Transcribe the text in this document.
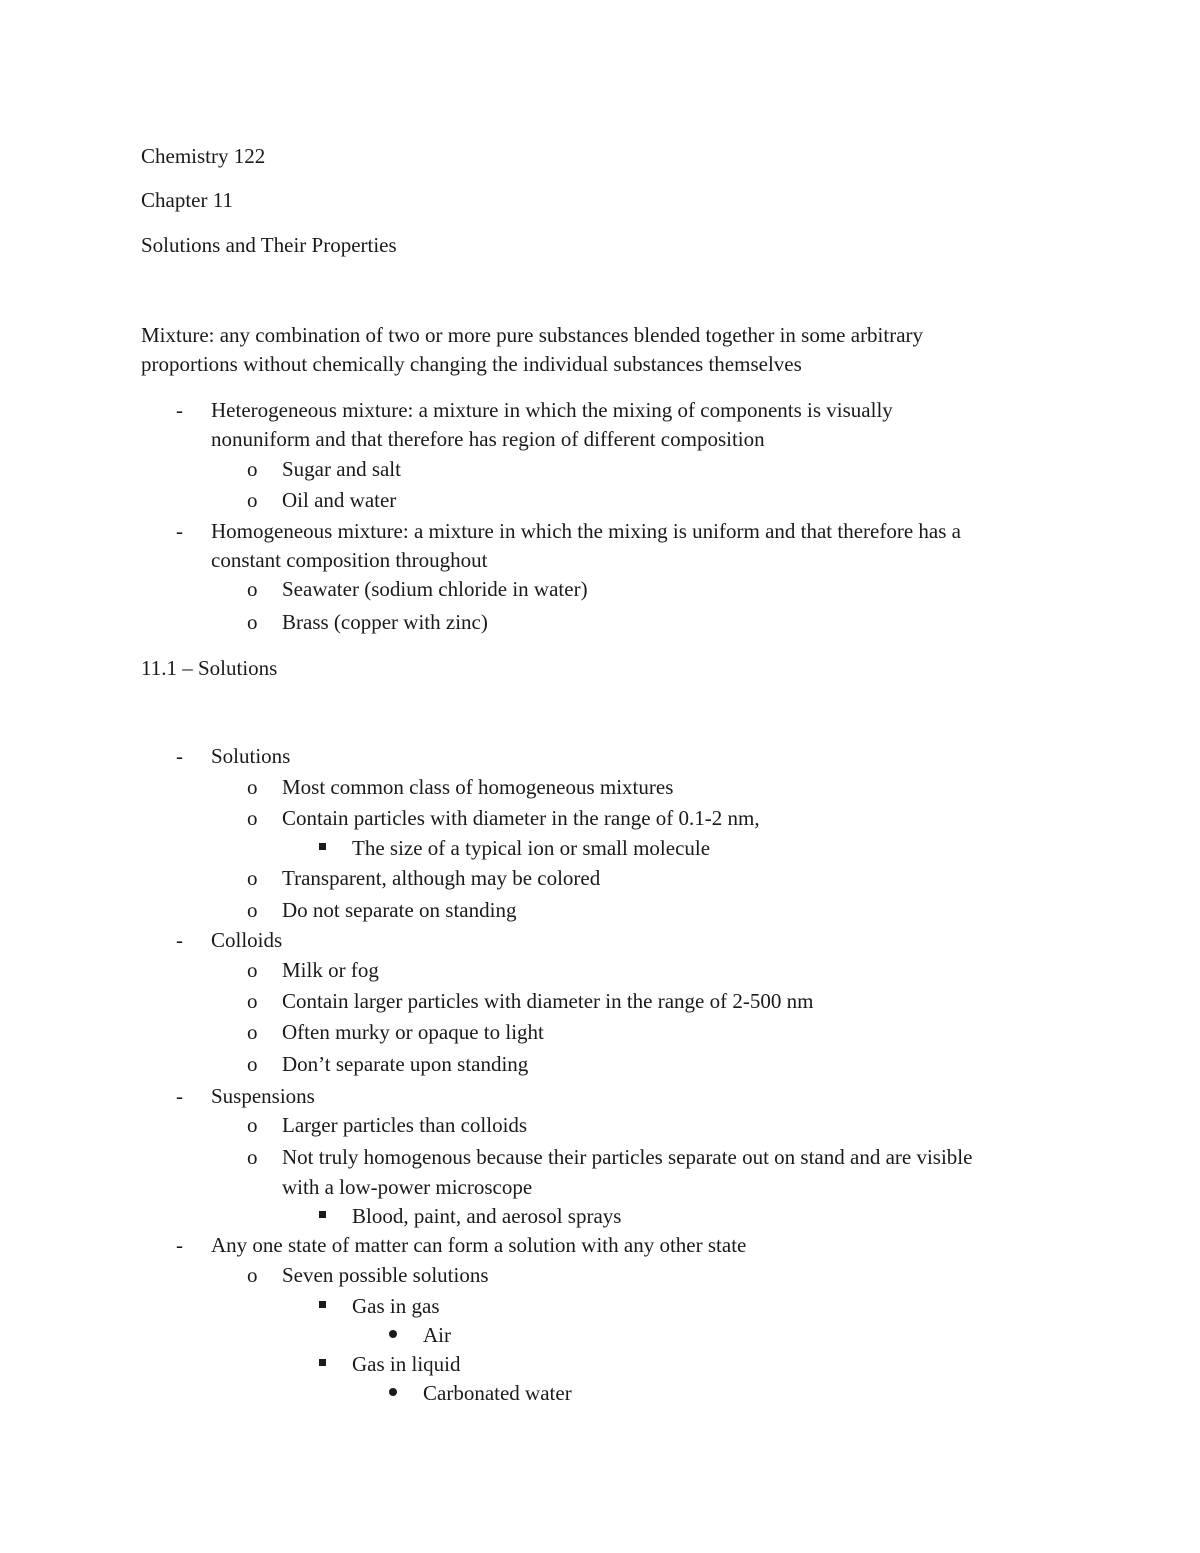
Chemistry 122
Chapter 11
Solutions and Their Properties
Mixture: any combination of two or more pure substances blended together in some arbitrary
proportions without chemically changing the individual substances themselves
- Heterogeneous mixture: a mixture in which the mixing of components is visually
nonuniform and that therefore has region of different composition
o Sugar and salt
o Oil and water
- Homogeneous mixture: a mixture in which the mixing is uniform and that therefore has a
constant composition throughout
o Seawater (sodium chloride in water)
o Brass (copper with zinc)
11.1 – Solutions
- Solutions
o Most common class of homogeneous mixtures
o Contain particles with diameter in the range of 0.1-2 nm,
The size of a typical ion or small molecule
o Transparent, although may be colored
o Do not separate on standing
- Colloids
o Milk or fog
o Contain larger particles with diameter in the range of 2-500 nm
o Often murky or opaque to light
o Don’t separate upon standing
- Suspensions
o Larger particles than colloids
o Not truly homogenous because their particles separate out on stand and are visible
with a low-power microscope
Blood, paint, and aerosol sprays
- Any one state of matter can form a solution with any other state
o Seven possible solutions
Gas in gas
Air
Gas in liquid
Carbonated water
